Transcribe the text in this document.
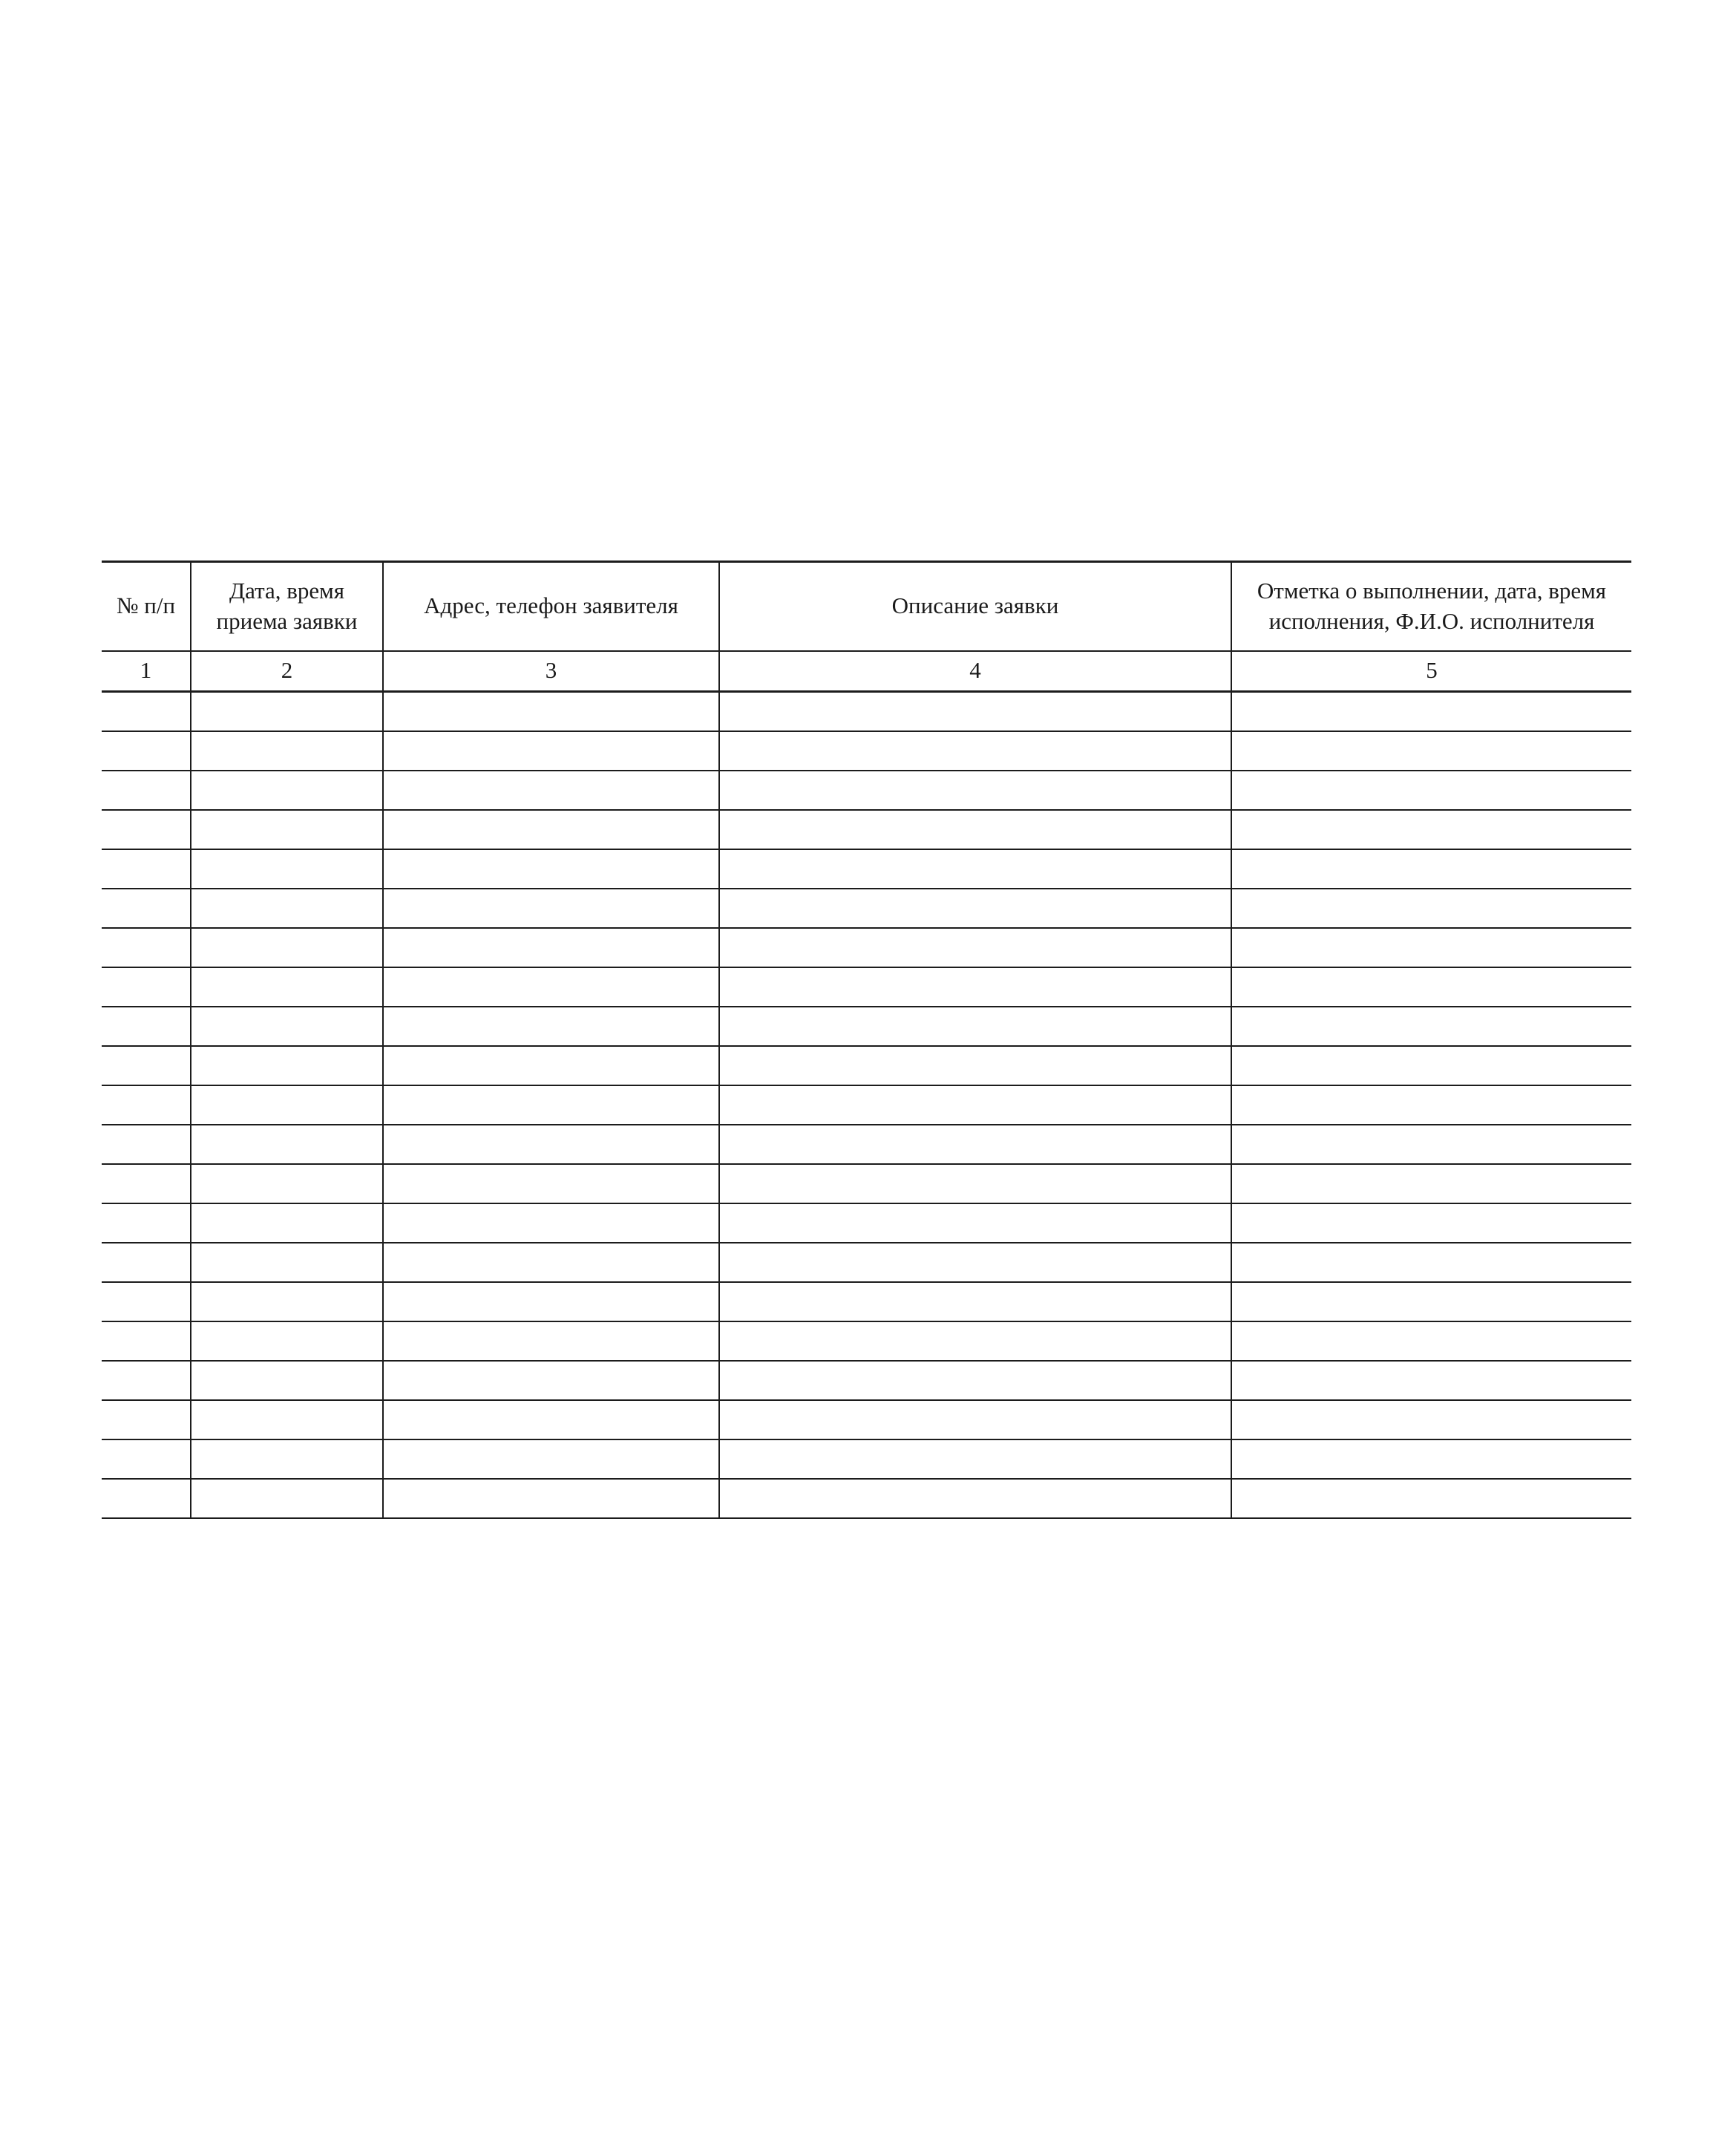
№ п/п	Дата, время приема заявки	Адрес, телефон заявителя	Описание заявки	Отметка о выполнении, дата, время исполнения, Ф.И.О. исполнителя
1	2	3	4	5
